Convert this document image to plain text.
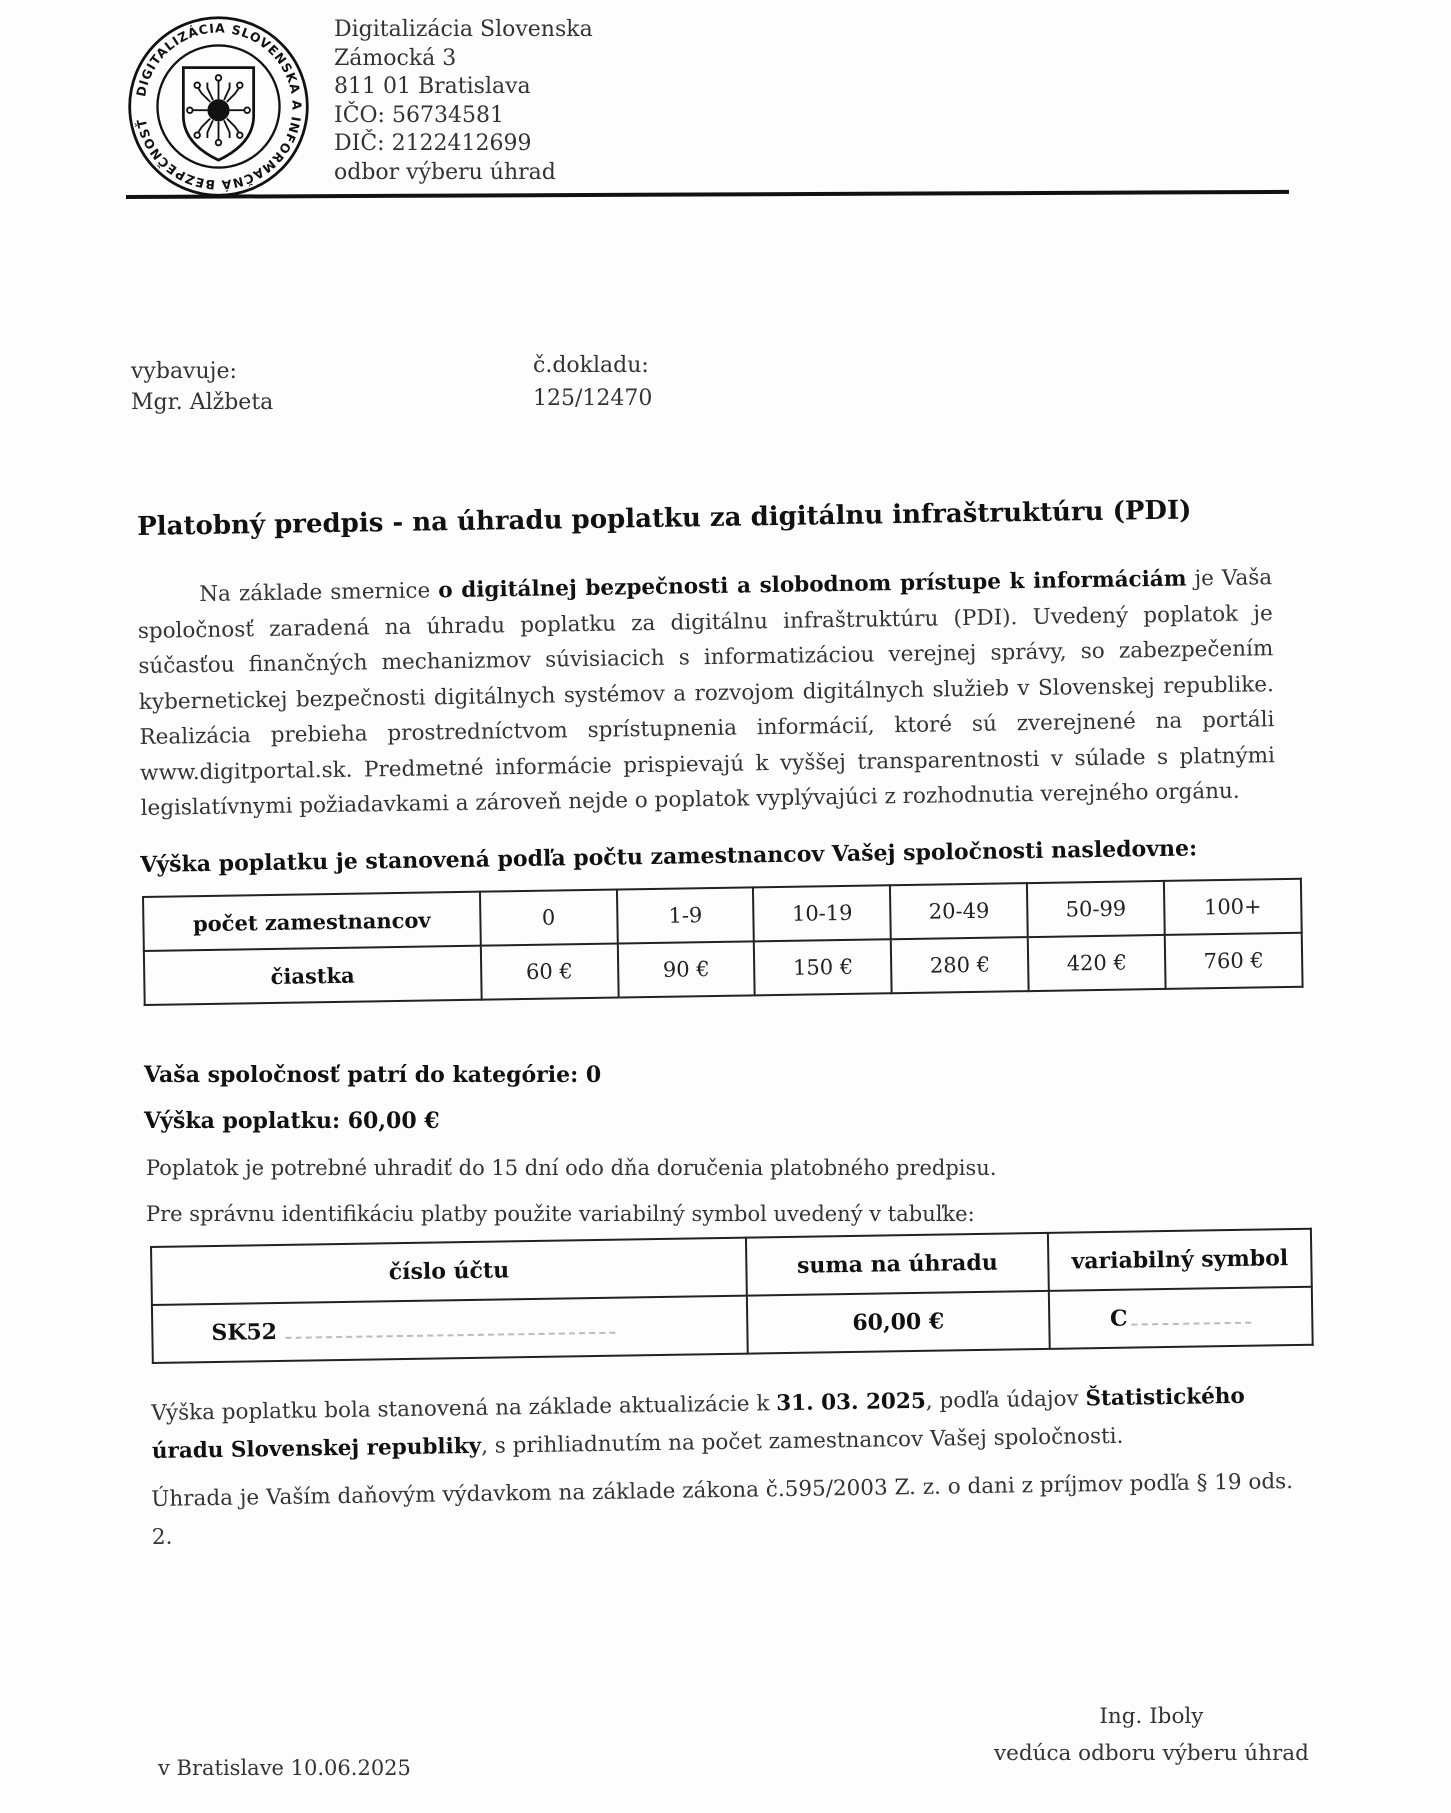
DIGITALIZÁCIA SLOVENSKA A INFORMAČNÁ BEZPEČNOSŤ
Digitalizácia Slovenska
Zámocká 3
811 01 Bratislava
IČO: 56734581
DIČ: 2122412699
odbor výberu úhrad
vybavuje:
Mgr. Alžbeta
č.dokladu:
125/12470
Platobný predpis - na úhradu poplatku za digitálnu infraštruktúru (PDI)
Na základe smernice o digitálnej bezpečnosti a slobodnom prístupe k informáciám je Vaša spoločnosť zaradená na úhradu poplatku za digitálnu infraštruktúru (PDI). Uvedený poplatok je súčasťou finančných mechanizmov súvisiacich s informatizáciou verejnej správy, so zabezpečením kybernetickej bezpečnosti digitálnych systémov a rozvojom digitálnych služieb v Slovenskej republike. Realizácia prebieha prostredníctvom sprístupnenia informácií, ktoré sú zverejnené na portáli www.digitportal.sk. Predmetné informácie prispievajú k vyššej transparentnosti v súlade s platnými legislatívnymi požiadavkami a zároveň nejde o poplatok vyplývajúci z rozhodnutia verejného orgánu.
Výška poplatku je stanovená podľa počtu zamestnancov Vašej spoločnosti nasledovne:
počet zamestnancov	0	1-9	10-19	20-49	50-99	100+
čiastka	60 €	90 €	150 €	280 €	420 €	760 €
Vaša spoločnosť patrí do kategórie: 0
Výška poplatku: 60,00 €
Poplatok je potrebné uhradiť do 15 dní odo dňa doručenia platobného predpisu.
Pre správnu identifikáciu platby použite variabilný symbol uvedený v tabuľke:
číslo účtu	suma na úhradu	variabilný symbol
SK52	60,00 €	C
Výška poplatku bola stanovená na základe aktualizácie k 31. 03. 2025, podľa údajov Štatistického úradu Slovenskej republiky, s prihliadnutím na počet zamestnancov Vašej spoločnosti.
Úhrada je Vaším daňovým výdavkom na základe zákona č.595/2003 Z. z. o dani z príjmov podľa § 19 ods. 2.
Ing. Iboly
vedúca odboru výberu úhrad
v Bratislave 10.06.2025
